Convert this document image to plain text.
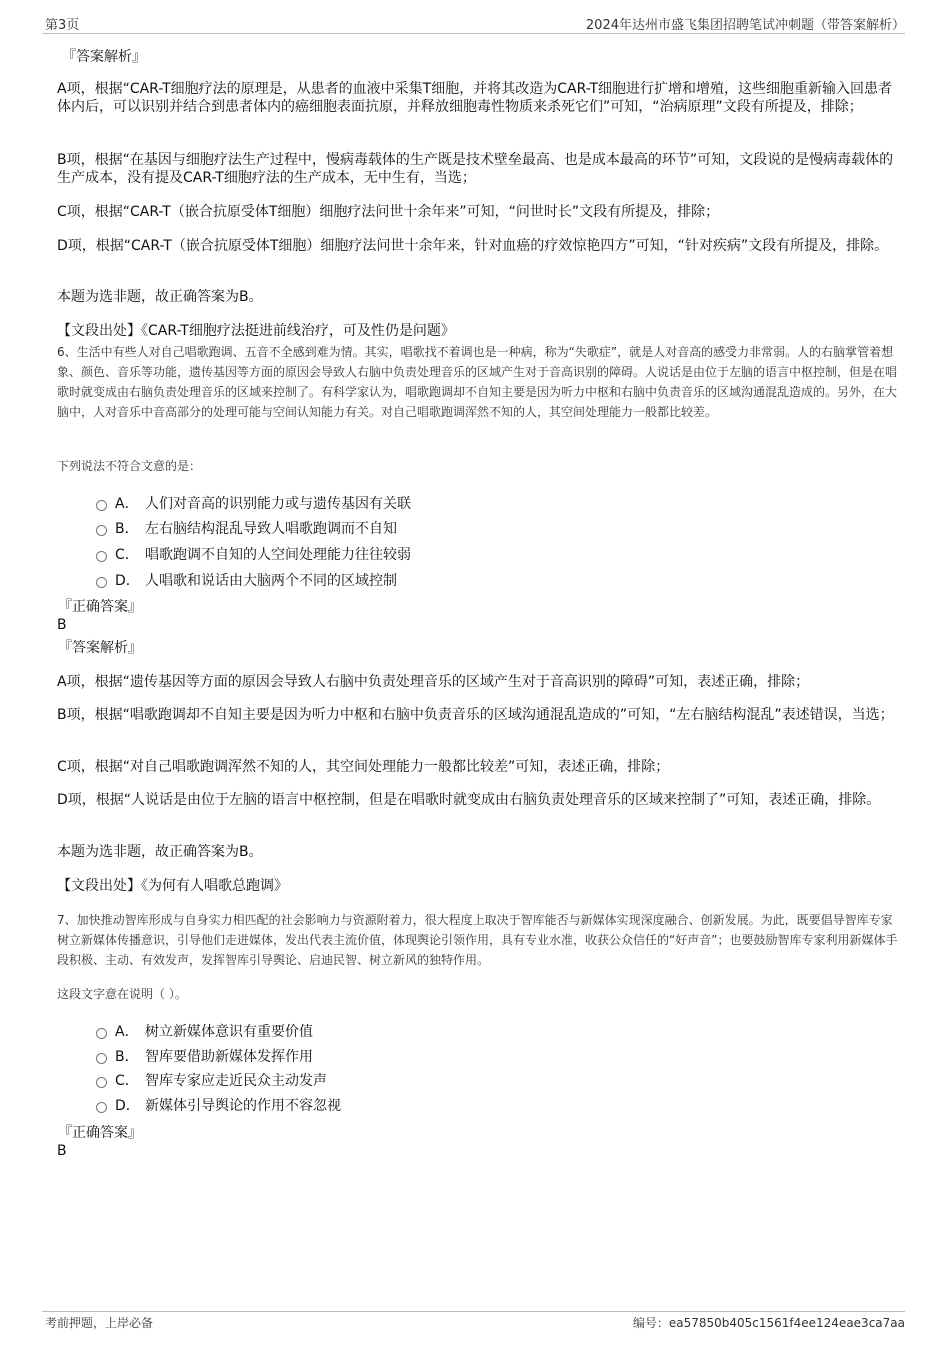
第3页	2024年达州市盛飞集团招聘笔试冲刺题（带答案解析）
『答案解析』
A项，根据“CAR-T细胞疗法的原理是，从患者的血液中采集T细胞，并将其改造为CAR-T细胞进行扩增和增殖，这些细胞重新输入回患者体内后，可以识别并结合到患者体内的癌细胞表面抗原，并释放细胞毒性物质来杀死它们”可知，“治病原理”文段有所提及，排除；
B项，根据“在基因与细胞疗法生产过程中，慢病毒载体的生产既是技术壁垒最高、也是成本最高的环节”可知，文段说的是慢病毒载体的生产成本，没有提及CAR-T细胞疗法的生产成本，无中生有，当选；
C项，根据“CAR-T（嵌合抗原受体T细胞）细胞疗法问世十余年来”可知，“问世时长”文段有所提及，排除；
D项，根据“CAR-T（嵌合抗原受体T细胞）细胞疗法问世十余年来，针对血癌的疗效惊艳四方”可知，“针对疾病”文段有所提及，排除。
本题为选非题，故正确答案为B。
【文段出处】《CAR-T细胞疗法挺进前线治疗，可及性仍是问题》
6、生活中有些人对自己唱歌跑调、五音不全感到难为情。其实，唱歌找不着调也是一种病，称为“失歌症”，就是人对音高的感受力非常弱。人的右脑掌管着想象、颜色、音乐等功能，遗传基因等方面的原因会导致人右脑中负责处理音乐的区域产生对于音高识别的障碍。人说话是由位于左脑的语言中枢控制，但是在唱歌时就变成由右脑负责处理音乐的区域来控制了。有科学家认为，唱歌跑调却不自知主要是因为听力中枢和右脑中负责音乐的区域沟通混乱造成的。另外，在大脑中，人对音乐中音高部分的处理可能与空间认知能力有关。对自己唱歌跑调浑然不知的人，其空间处理能力一般都比较差。
下列说法不符合文意的是：
A． 人们对音高的识别能力或与遗传基因有关联
B． 左右脑结构混乱导致人唱歌跑调而不自知
C． 唱歌跑调不自知的人空间处理能力往往较弱
D． 人唱歌和说话由大脑两个不同的区域控制
『正确答案』
B
『答案解析』
A项，根据“遗传基因等方面的原因会导致人右脑中负责处理音乐的区域产生对于音高识别的障碍”可知，表述正确，排除；
B项，根据“唱歌跑调却不自知主要是因为听力中枢和右脑中负责音乐的区域沟通混乱造成的”可知，“左右脑结构混乱”表述错误，当选；
C项，根据“对自己唱歌跑调浑然不知的人，其空间处理能力一般都比较差”可知，表述正确，排除；
D项，根据“人说话是由位于左脑的语言中枢控制，但是在唱歌时就变成由右脑负责处理音乐的区域来控制了”可知，表述正确，排除。
本题为选非题，故正确答案为B。
【文段出处】《为何有人唱歌总跑调》
7、加快推动智库形成与自身实力相匹配的社会影响力与资源附着力，很大程度上取决于智库能否与新媒体实现深度融合、创新发展。为此，既要倡导智库专家树立新媒体传播意识，引导他们走进媒体，发出代表主流价值，体现舆论引领作用，具有专业水准，收获公众信任的“好声音”；也要鼓励智库专家利用新媒体手段积极、主动、有效发声，发挥智库引导舆论、启迪民智、树立新风的独特作用。
这段文字意在说明（ ）。
A． 树立新媒体意识有重要价值
B． 智库要借助新媒体发挥作用
C． 智库专家应走近民众主动发声
D． 新媒体引导舆论的作用不容忽视
『正确答案』
B
考前押题，上岸必备	编号：ea57850b405c1561f4ee124eae3ca7aa
